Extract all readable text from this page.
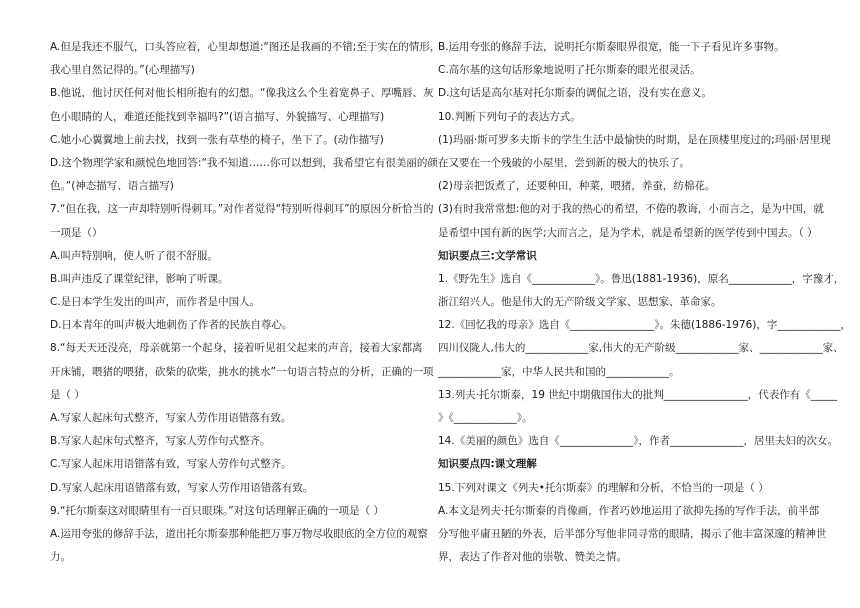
A.但是我还不服气，口头答应着，心里却想道:“图还是我画的不错;至于实在的情形，
我心里自然记得的。”(心理描写)
B.他说，他讨厌任何对他长相所抱有的幻想。“像我这么个生着宽鼻子、厚嘴唇、灰
色小眼睛的人，难道还能找到幸福吗?”(语言描写、外貌描写、心理描写)
C.她小心翼翼地上前去找，找到一张有草垫的椅子，坐下了。(动作描写)
D.这个物理学家和颜悦色地回答:“我不知道……你可以想到，我希望它有很美丽的颜
色。”(神态描写、语言描写)
7.“但在我，这一声却特别听得刺耳。”对作者觉得“特别听得刺耳”的原因分析恰当的
一项是（）
A.叫声特别响，使人听了很不舒服。
B.叫声违反了课堂纪律，影响了听课。
C.是日本学生发出的叫声，而作者是中国人。
D.日本青年的叫声极大地刺伤了作者的民族自尊心。
8.“每天天还没亮，母亲就第一个起身，接着听见祖父起来的声音，接着大家都离
开床铺，喂猪的喂猪，砍柴的砍柴，挑水的挑水”一句语言特点的分析，正确的一项
是（ ）
A.写家人起床句式整齐，写家人劳作用语错落有致。
B.写家人起床句式整齐，写家人劳作句式整齐。
C.写家人起床用语错落有致，写家人劳作句式整齐。
D.写家人起床用语错落有致，写家人劳作用语错落有致。
9.“托尔斯泰这对眼睛里有一百只眼珠。”对这句话理解正确的一项是（ ）
A.运用夸张的修辞手法，道出托尔斯泰那种能把万事万物尽收眼底的全方位的观察
力。
B.运用夸张的修辞手法，说明托尔斯泰眼界很宽，能一下子看见许多事物。
C.高尔基的这句话形象地说明了托尔斯泰的眼光很灵活。
D.这句话是高尔基对托尔斯泰的调侃之语，没有实在意义。
10.判断下列句子的表达方式。
(1)玛丽·斯可罗多夫斯卡的学生生活中最愉快的时期，是在顶楼里度过的;玛丽·居里现
在又要在一个残破的小屋里，尝到新的极大的快乐了。
(2)母亲把饭煮了，还要种田，种菜，喂猪，养蚕，纺棉花。
(3)有时我常常想:他的对于我的热心的希望，不倦的教诲，小而言之，是为中国，就
是希望中国有新的医学;大而言之，是为学术，就是希望新的医学传到中国去。（ ）
知识要点三:文学常识
1.《野先生》选自《____________》。鲁迅(1881-1936)，原名____________，字豫才，
浙江绍兴人。他是伟大的无产阶级文学家、思想家、革命家。
12.《回忆我的母亲》选自《________________》。朱德(1886-1976)，字____________，
四川仪陇人,伟大的____________家,伟大的无产阶级____________家、____________家、
____________家，中华人民共和国的____________。
13.列夫·托尔斯泰，19 世纪中期俄国伟大的批判________________，代表作有《_____
》《____________》。
14.《美丽的颜色》选自《______________》，作者______________，居里夫妇的次女。
知识要点四:课文理解
15.下列对课文《列夫•托尔斯泰》的理解和分析，不恰当的一项是（ ）
A.本文是列夫·托尔斯泰的肖像画，作者巧妙地运用了欲抑先扬的写作手法，前半部
分写他平庸丑陋的外表，后半部分写他非同寻常的眼睛，揭示了他丰富深邃的精神世
界，表达了作者对他的崇敬、赞美之情。
